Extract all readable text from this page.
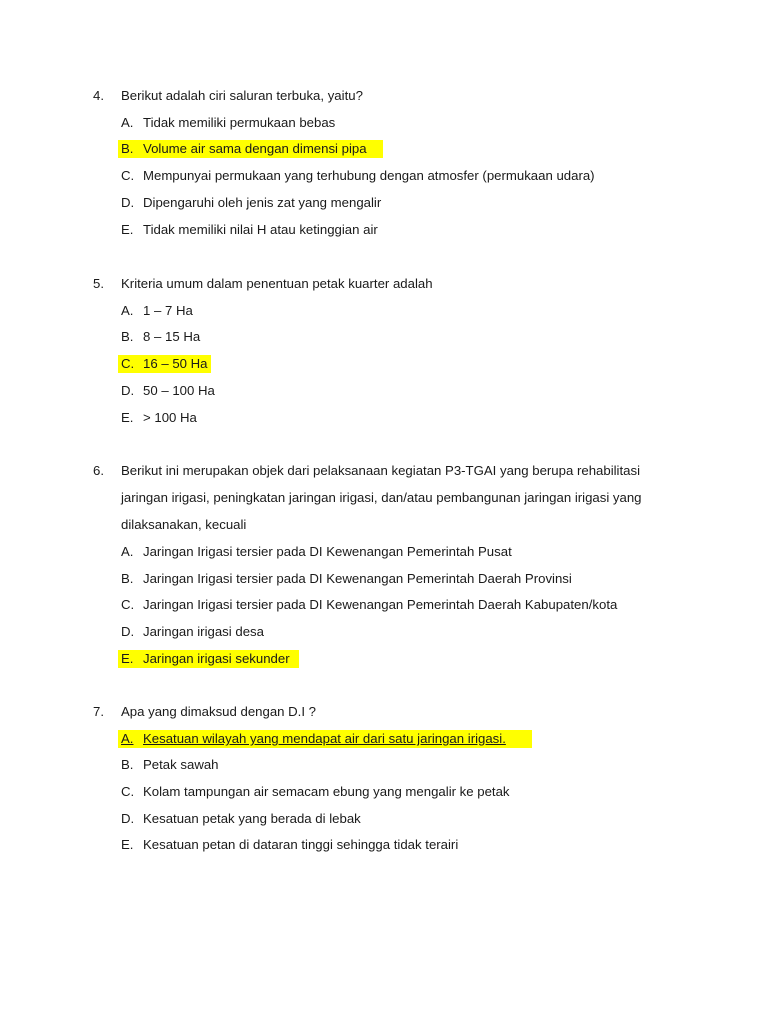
4. Berikut adalah ciri saluran terbuka, yaitu?
A. Tidak memiliki permukaan bebas
B. Volume air sama dengan dimensi pipa
C. Mempunyai permukaan yang terhubung dengan atmosfer (permukaan udara)
D. Dipengaruhi oleh jenis zat yang mengalir
E. Tidak memiliki nilai H atau ketinggian air
5. Kriteria umum dalam penentuan petak kuarter adalah
A. 1 – 7 Ha
B. 8 – 15 Ha
C. 16 – 50 Ha
D. 50 – 100 Ha
E. > 100 Ha
6. Berikut ini merupakan objek dari pelaksanaan kegiatan P3-TGAI yang berupa rehabilitasi
jaringan irigasi, peningkatan jaringan irigasi, dan/atau pembangunan jaringan irigasi yang
dilaksanakan, kecuali
A. Jaringan Irigasi tersier pada DI Kewenangan Pemerintah Pusat
B. Jaringan Irigasi tersier pada DI Kewenangan Pemerintah Daerah Provinsi
C. Jaringan Irigasi tersier pada DI Kewenangan Pemerintah Daerah Kabupaten/kota
D. Jaringan irigasi desa
E. Jaringan irigasi sekunder
7. Apa yang dimaksud dengan D.I ?
A. Kesatuan wilayah yang mendapat air dari satu jaringan irigasi.
B. Petak sawah
C. Kolam tampungan air semacam ebung yang mengalir ke petak
D. Kesatuan petak yang berada di lebak
E. Kesatuan petan di dataran tinggi sehingga tidak terairi
